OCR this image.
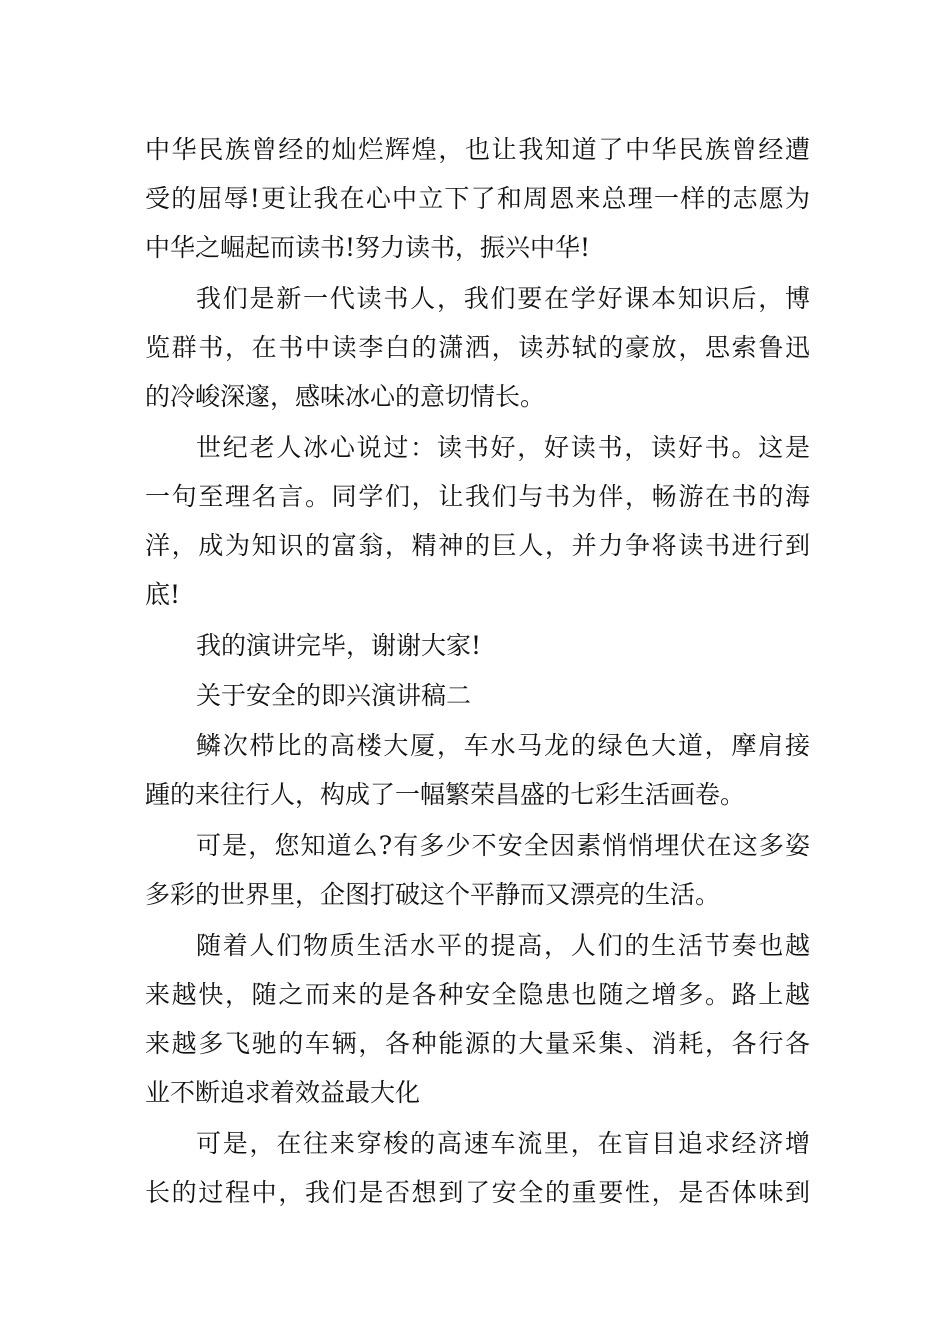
中华民族曾经的灿烂辉煌，也让我知道了中华民族曾经遭
受的屈辱!更让我在心中立下了和周恩来总理一样的志愿为
中华之崛起而读书!努力读书，振兴中华!
我们是新一代读书人，我们要在学好课本知识后，博
览群书，在书中读李白的潇洒，读苏轼的豪放，思索鲁迅
的冷峻深邃，感味冰心的意切情长。
世纪老人冰心说过：读书好，好读书，读好书。这是
一句至理名言。同学们，让我们与书为伴，畅游在书的海
洋，成为知识的富翁，精神的巨人，并力争将读书进行到
底!
我的演讲完毕，谢谢大家!
关于安全的即兴演讲稿二
鳞次栉比的高楼大厦，车水马龙的绿色大道，摩肩接
踵的来往行人，构成了一幅繁荣昌盛的七彩生活画卷。
可是，您知道么?有多少不安全因素悄悄埋伏在这多姿
多彩的世界里，企图打破这个平静而又漂亮的生活。
随着人们物质生活水平的提高，人们的生活节奏也越
来越快，随之而来的是各种安全隐患也随之增多。路上越
来越多飞驰的车辆，各种能源的大量采集、消耗，各行各
业不断追求着效益最大化
可是，在往来穿梭的高速车流里，在盲目追求经济增
长的过程中，我们是否想到了安全的重要性，是否体味到
